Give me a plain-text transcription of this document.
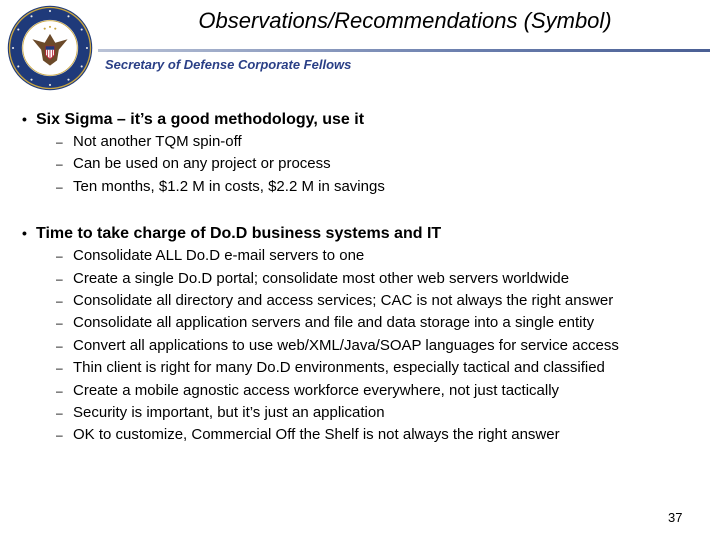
Observations/Recommendations (Symbol)
Secretary of Defense Corporate Fellows
• Six Sigma – it’s a good methodology, use it
– Not another TQM spin-off
– Can be used on any project or process
– Ten months, $1.2 M in costs, $2.2 M in savings
• Time to take charge of Do.D business systems and IT
– Consolidate ALL Do.D e-mail servers to one
– Create a single Do.D portal; consolidate most other web servers worldwide
– Consolidate all directory and access services; CAC is not always the right answer
– Consolidate all application servers and file and data storage into a single entity
– Convert all applications to use web/XML/Java/SOAP languages for service access
– Thin client is right for many Do.D environments, especially tactical and classified
– Create a mobile agnostic access workforce everywhere, not just tactically
– Security is important, but it’s just an application
– OK to customize, Commercial Off the Shelf is not always the right answer
37
